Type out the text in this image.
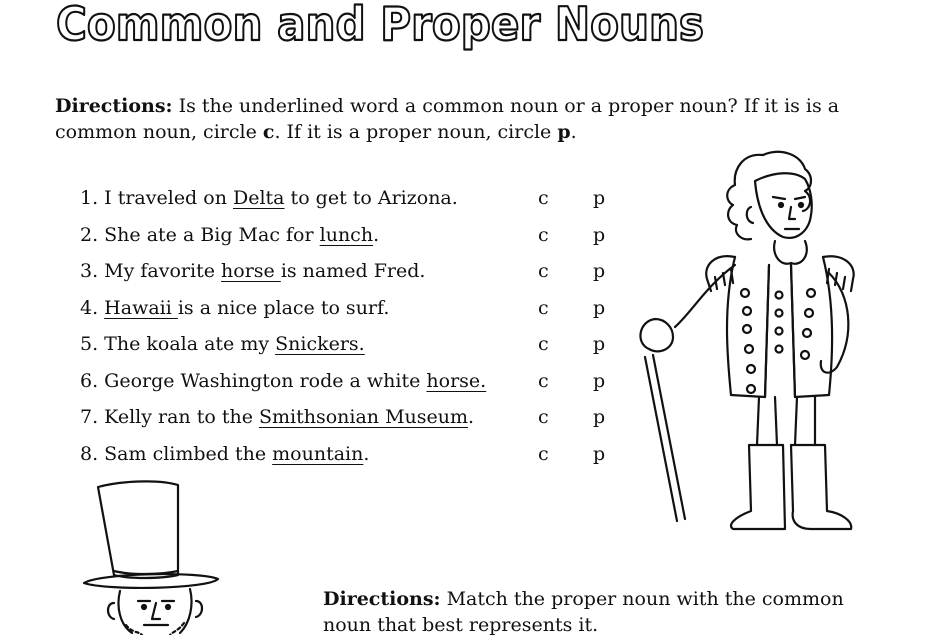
Common and Proper Nouns

Directions: Is the underlined word a common noun or a proper noun? If it is is a common noun, circle c. If it is a proper noun, circle p.

1. I traveled on Delta to get to Arizona.	c p
2. She ate a Big Mac for lunch.	c p
3. My favorite horse is named Fred.	c p
4. Hawaii is a nice place to surf.	c p
5. The koala ate my Snickers.	c p
6. George Washington rode a white horse.	c p
7. Kelly ran to the Smithsonian Museum.	c p
8. Sam climbed the mountain.	c p

Directions: Match the proper noun with the common noun that best represents it.
